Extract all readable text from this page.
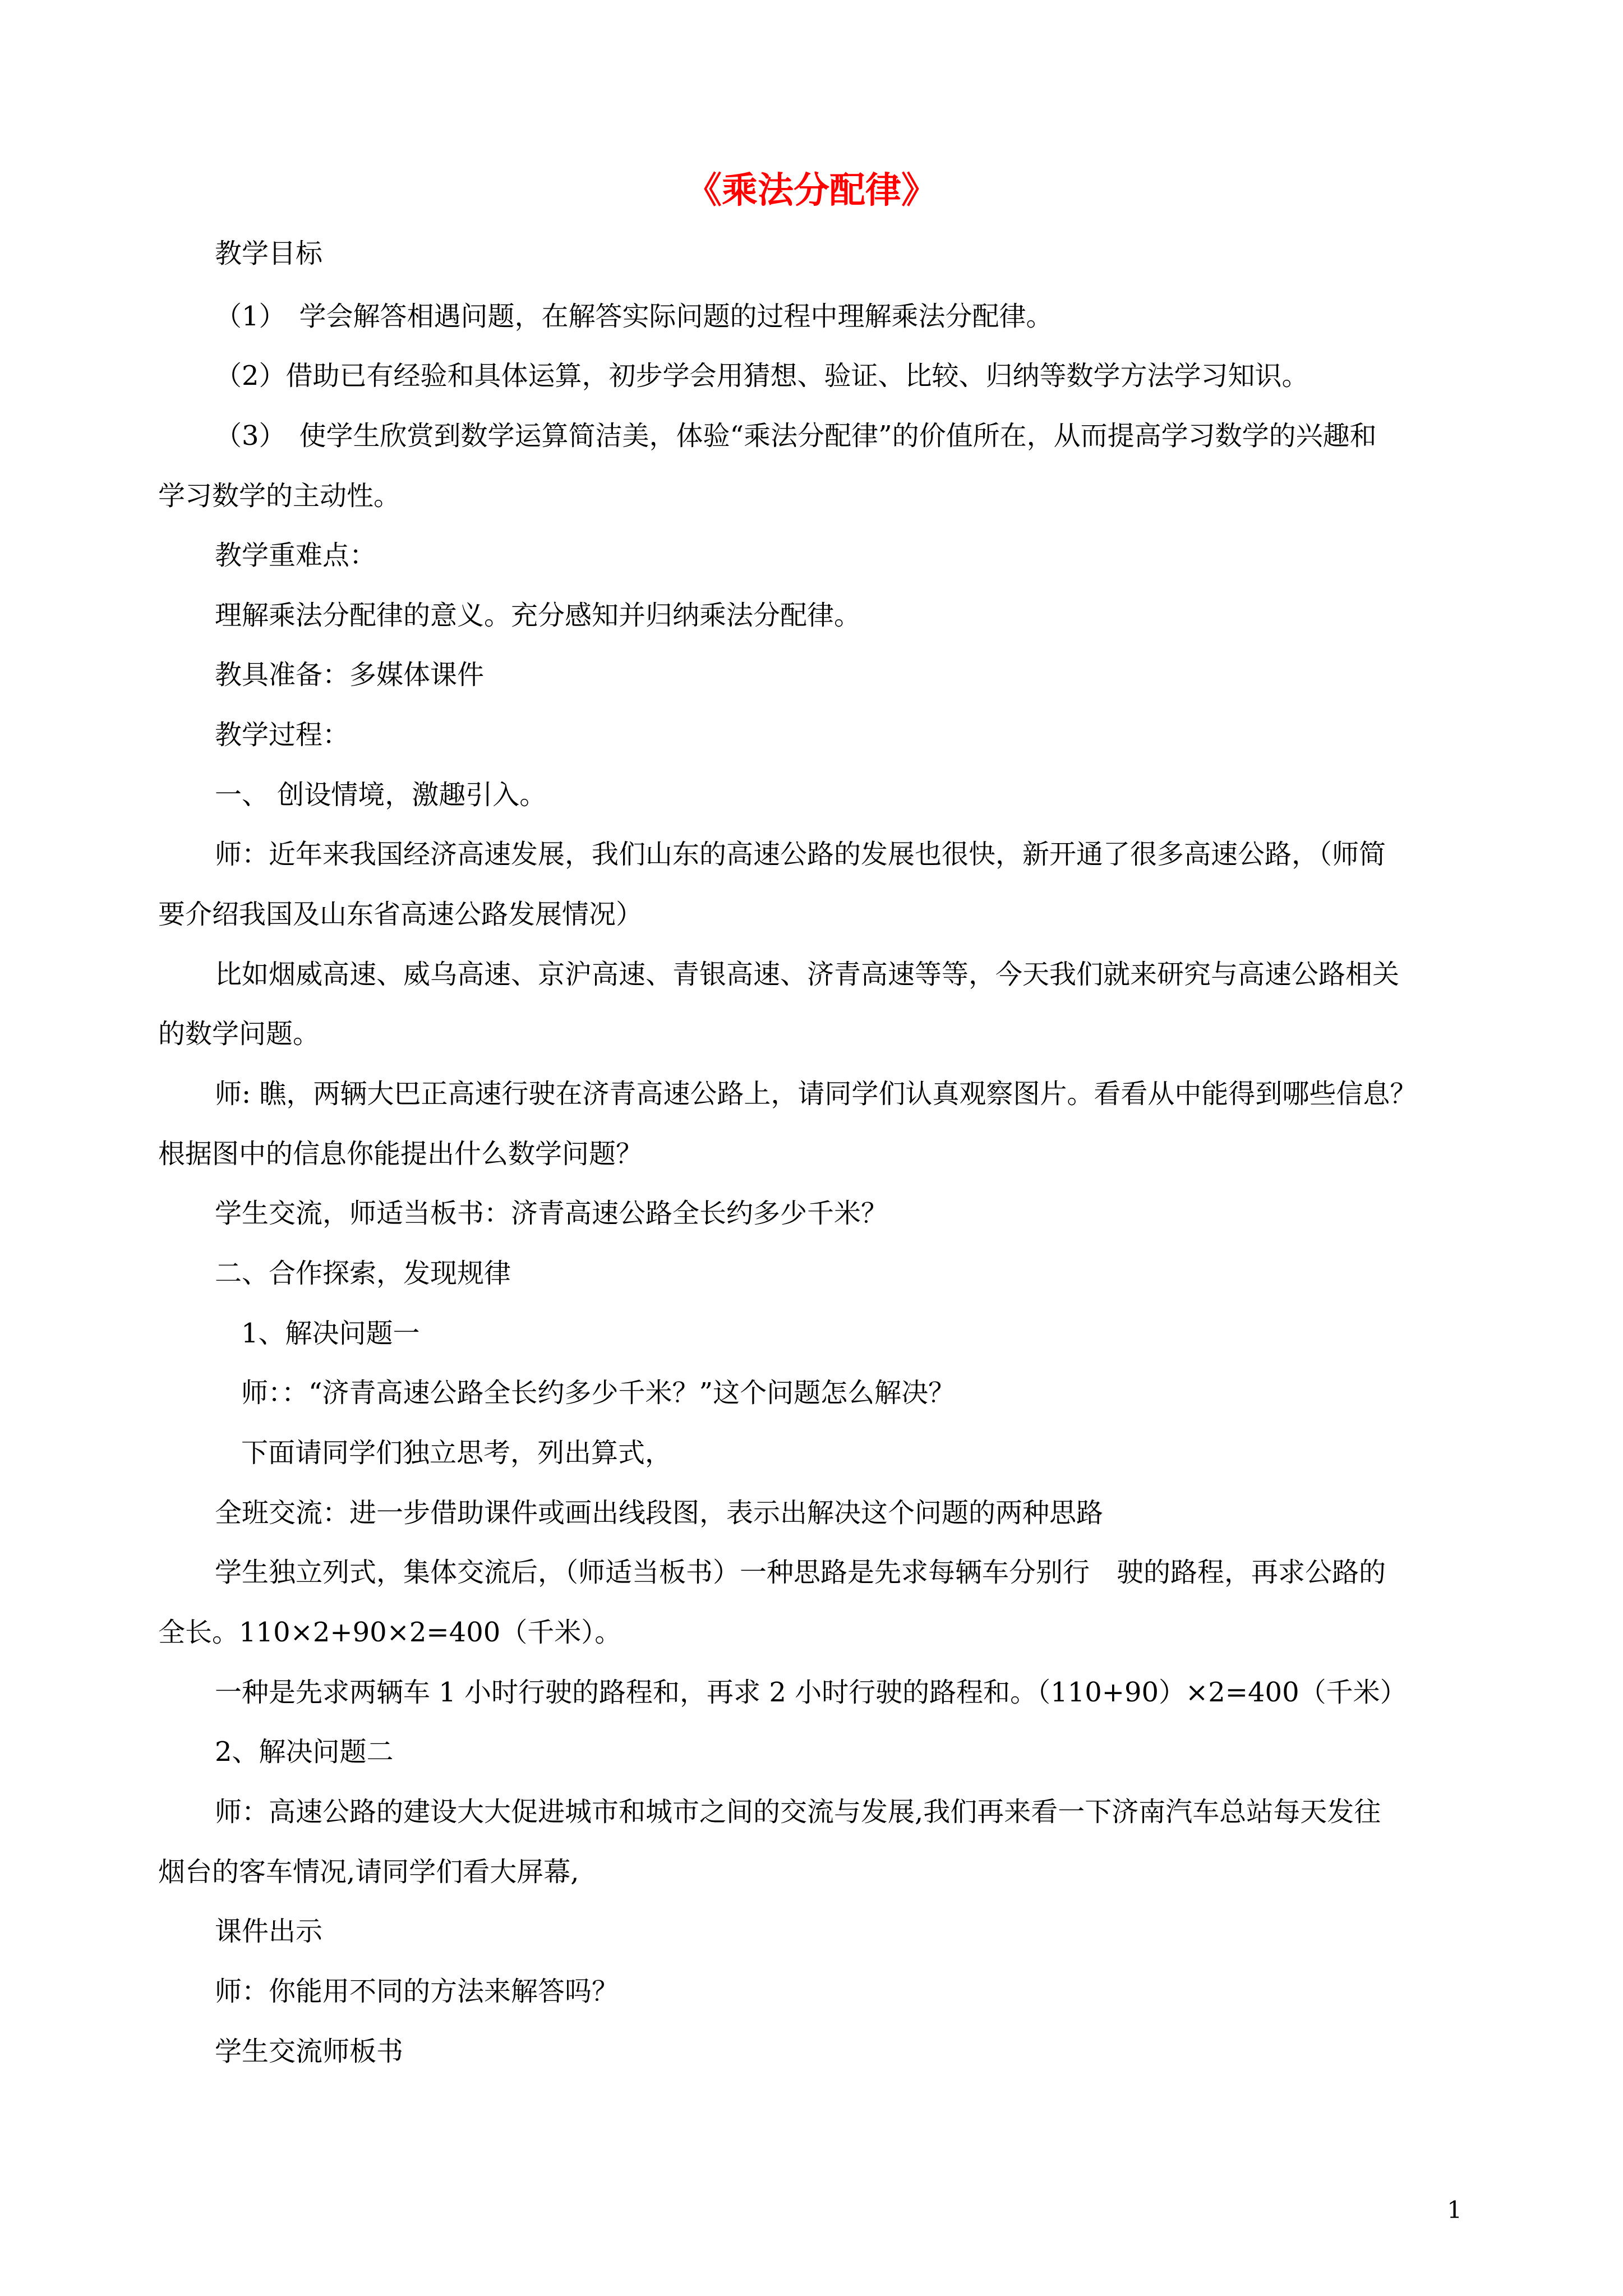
《乘法分配律》
教学目标
（1）　学会解答相遇问题，在解答实际问题的过程中理解乘法分配律。
（2）借助已有经验和具体运算，初步学会用猜想、验证、比较、归纳等数学方法学习知识。
（3）　使学生欣赏到数学运算简洁美，体验“乘法分配律”的价值所在，从而提高学习数学的兴趣和
学习数学的主动性。
教学重难点：
理解乘法分配律的意义。充分感知并归纳乘法分配律。
教具准备：多媒体课件
教学过程：
一、 创设情境，激趣引入。
师：近年来我国经济高速发展，我们山东的高速公路的发展也很快，新开通了很多高速公路，（师简
要介绍我国及山东省高速公路发展情况）
比如烟威高速、威乌高速、京沪高速、青银高速、济青高速等等，今天我们就来研究与高速公路相关
的数学问题。
师: 瞧，两辆大巴正高速行驶在济青高速公路上，请同学们认真观察图片。看看从中能得到哪些信息？
根据图中的信息你能提出什么数学问题？
学生交流，师适当板书：济青高速公路全长约多少千米？
二、合作探索，发现规律
1、解决问题一
师：：“济青高速公路全长约多少千米？”这个问题怎么解决？
下面请同学们独立思考，列出算式，
全班交流：进一步借助课件或画出线段图，表示出解决这个问题的两种思路
学生独立列式，集体交流后，（师适当板书）一种思路是先求每辆车分别行　驶的路程，再求公路的
全长。110×2+90×2=400（千米）。
一种是先求两辆车 1 小时行驶的路程和，再求 2 小时行驶的路程和。（110+90）×2=400（千米）
2、解决问题二
师：高速公路的建设大大促进城市和城市之间的交流与发展,我们再来看一下济南汽车总站每天发往
烟台的客车情况,请同学们看大屏幕,
课件出示
师：你能用不同的方法来解答吗？
学生交流师板书
1
